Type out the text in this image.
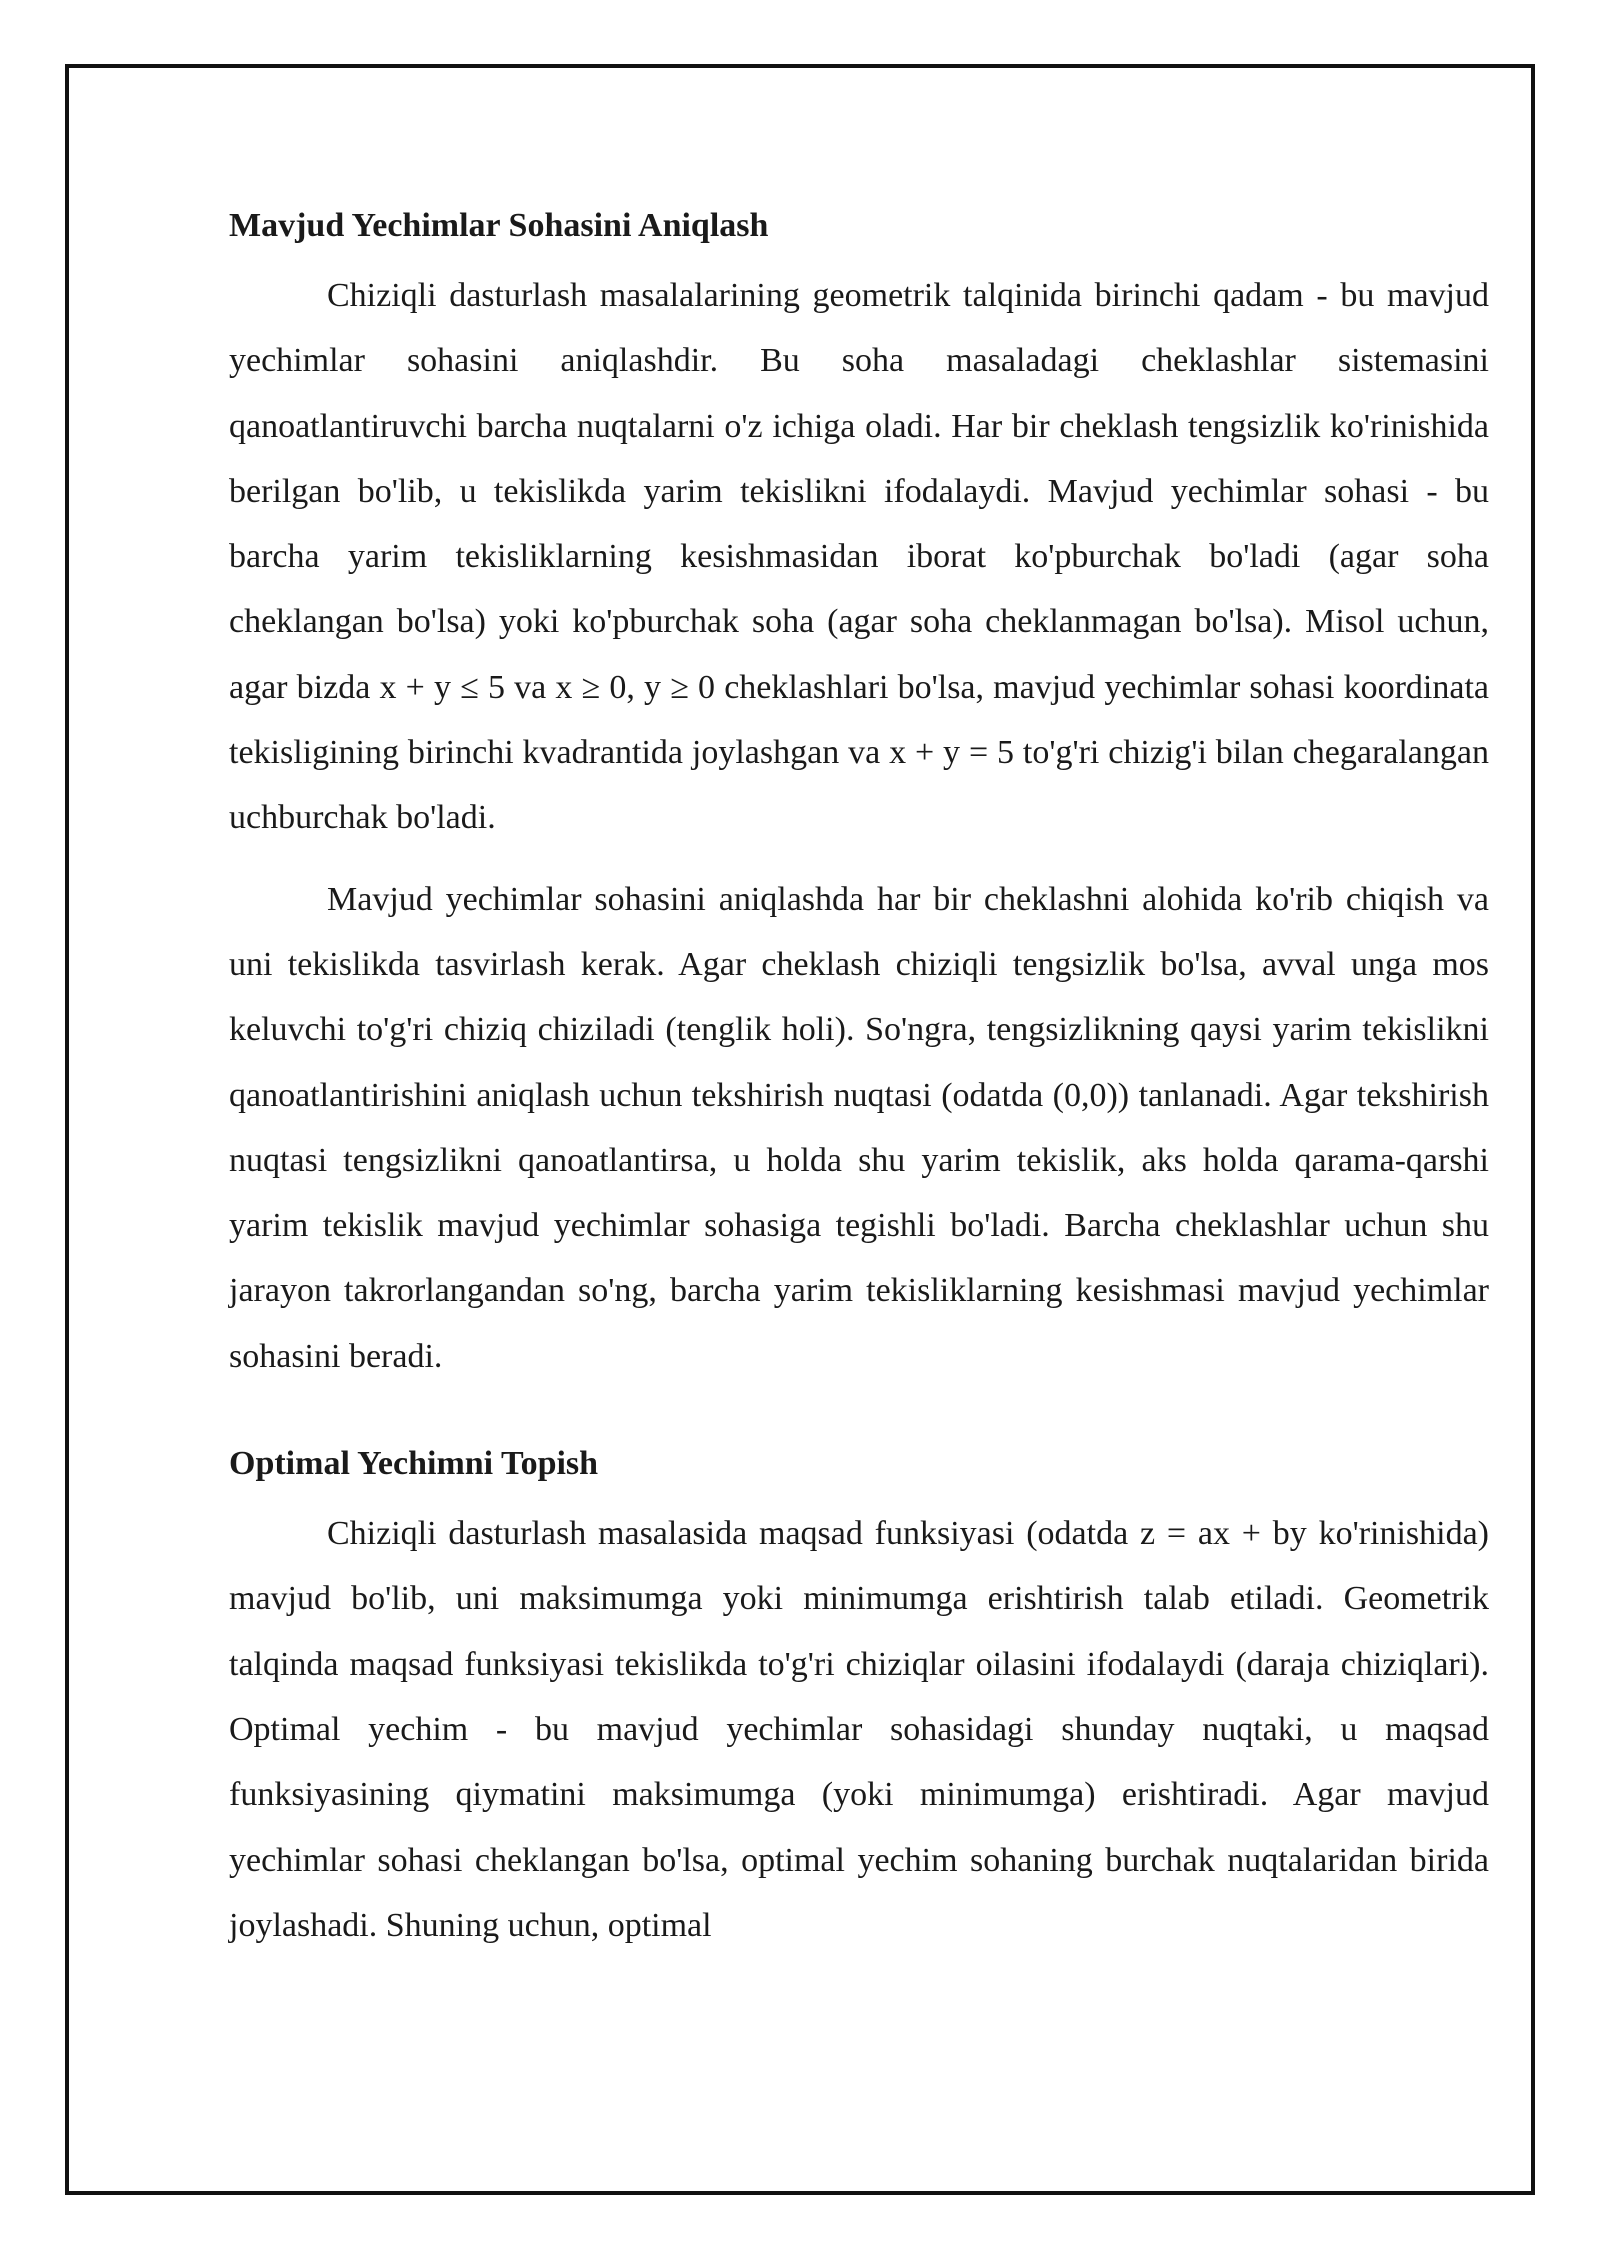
Mavjud Yechimlar Sohasini Aniqlash

Chiziqli dasturlash masalalarining geometrik talqinida birinchi qadam - bu mavjud yechimlar sohasini aniqlashdir. Bu soha masaladagi cheklashlar sistemasini qanoatlantiruvchi barcha nuqtalarni o'z ichiga oladi. Har bir cheklash tengsizlik ko'rinishida berilgan bo'lib, u tekislikda yarim tekislikni ifodalaydi. Mavjud yechimlar sohasi - bu barcha yarim tekisliklarning kesishmasidan iborat ko'pburchak bo'ladi (agar soha cheklangan bo'lsa) yoki ko'pburchak soha (agar soha cheklanmagan bo'lsa). Misol uchun, agar bizda x + y ≤ 5 va x ≥ 0, y ≥ 0 cheklashlari bo'lsa, mavjud yechimlar sohasi koordinata tekisligining birinchi kvadrantida joylashgan va x + y = 5 to'g'ri chizig'i bilan chegaralangan uchburchak bo'ladi.

Mavjud yechimlar sohasini aniqlashda har bir cheklashni alohida ko'rib chiqish va uni tekislikda tasvirlash kerak. Agar cheklash chiziqli tengsizlik bo'lsa, avval unga mos keluvchi to'g'ri chiziq chiziladi (tenglik holi). So'ngra, tengsizlikning qaysi yarim tekislikni qanoatlantirishini aniqlash uchun tekshirish nuqtasi (odatda (0,0)) tanlanadi. Agar tekshirish nuqtasi tengsizlikni qanoatlantirsa, u holda shu yarim tekislik, aks holda qarama-qarshi yarim tekislik mavjud yechimlar sohasiga tegishli bo'ladi. Barcha cheklashlar uchun shu jarayon takrorlangandan so'ng, barcha yarim tekisliklarning kesishmasi mavjud yechimlar sohasini beradi.

Optimal Yechimni Topish

Chiziqli dasturlash masalasida maqsad funksiyasi (odatda z = ax + by ko'rinishida) mavjud bo'lib, uni maksimumga yoki minimumga erishtirish talab etiladi. Geometrik talqinda maqsad funksiyasi tekislikda to'g'ri chiziqlar oilasini ifodalaydi (daraja chiziqlari). Optimal yechim - bu mavjud yechimlar sohasidagi shunday nuqtaki, u maqsad funksiyasining qiymatini maksimumga (yoki minimumga) erishtiradi. Agar mavjud yechimlar sohasi cheklangan bo'lsa, optimal yechim sohaning burchak nuqtalaridan birida joylashadi. Shuning uchun, optimal
